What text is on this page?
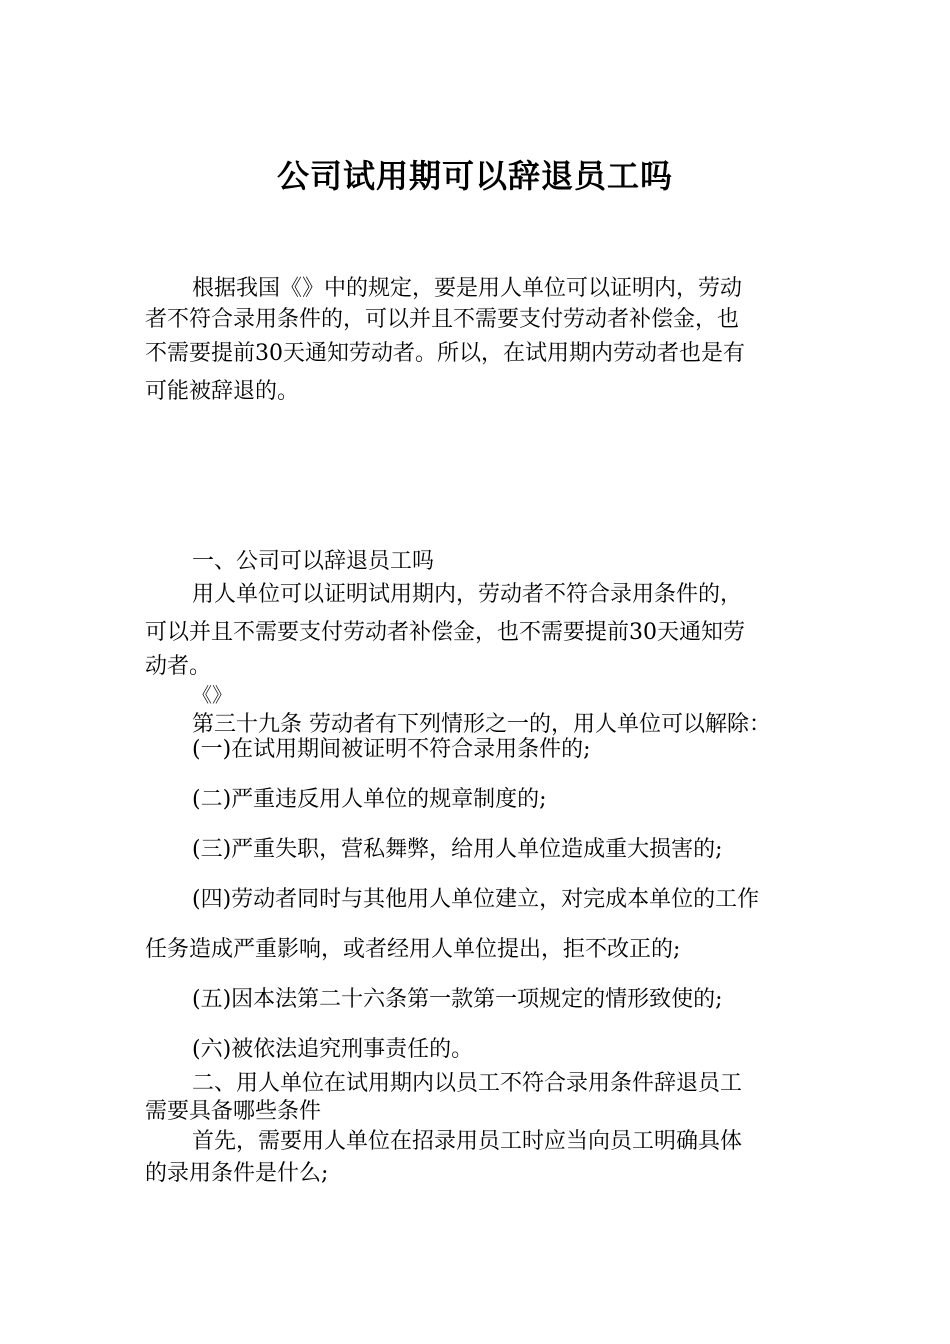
公司试用期可以辞退员工吗
根据我国《》中的规定，要是用人单位可以证明内，劳动
者不符合录用条件的，可以并且不需要支付劳动者补偿金，也
不需要提前30天通知劳动者。所以，在试用期内劳动者也是有
可能被辞退的。
一、公司可以辞退员工吗
用人单位可以证明试用期内，劳动者不符合录用条件的，
可以并且不需要支付劳动者补偿金，也不需要提前30天通知劳
动者。
《》
第三十九条 劳动者有下列情形之一的，用人单位可以解除：
(一)在试用期间被证明不符合录用条件的;
(二)严重违反用人单位的规章制度的;
(三)严重失职，营私舞弊，给用人单位造成重大损害的;
(四)劳动者同时与其他用人单位建立，对完成本单位的工作
任务造成严重影响，或者经用人单位提出，拒不改正的;
(五)因本法第二十六条第一款第一项规定的情形致使的;
(六)被依法追究刑事责任的。
二、用人单位在试用期内以员工不符合录用条件辞退员工
需要具备哪些条件
首先，需要用人单位在招录用员工时应当向员工明确具体
的录用条件是什么;
